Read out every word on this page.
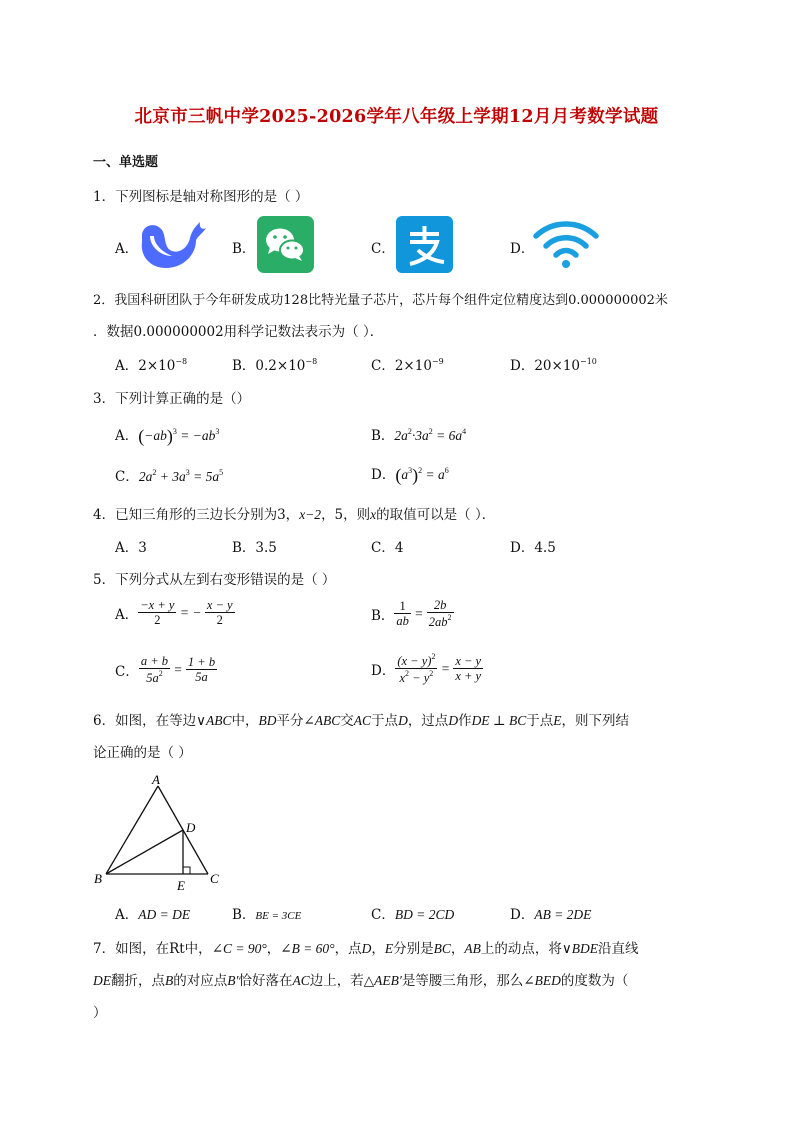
北京市三帆中学2025-2026学年八年级上学期12月月考数学试题
一、单选题
1．下列图标是轴对称图形的是（ ）
A．	B．	C．	D．
2．我国科研团队于今年研发成功128比特光量子芯片，芯片每个组件定位精度达到0.000000002米
．数据0.000000002用科学记数法表示为（ ）．
A．$2\times 10^{-8}$	B．$0.2\times 10^{-8}$	C．$2\times 10^{-9}$	D．$20\times 10^{-10}$
3．下列计算正确的是（）
A．$(-ab)^3 = -ab^3$	B．$2a^2\cdot 3a^2 = 6a^4$
C．$2a^2 + 3a^3 = 5a^5$	D．$(a^3)^2 = a^6$
4．已知三角形的三边长分别为3，x−2，5，则x的取值可以是（ ）．
A．3	B．3.5	C．4	D．4.5
5．下列分式从左到右变形错误的是（ ）
A． $\frac{-x + y}{2}$ = − $\frac{x - y}{2}$	B． $\frac{1}{ab} = \frac{2b}{2ab^2}$
C． $\frac{a + b}{5a^2} = \frac{1 + b}{5a}$	D． $\frac{(x - y)^2}{x^2 - y^2} = \frac{x - y}{x + y}$
6．如图，在等边∨ABC中，BD平分∠ABC交AC于点D，过点D作DE ⊥ BC于点E，则下列结
论正确的是（ ）
A
B	C
D
E
A．AD = DE	B．BE = 3CE	C．BD = 2CD	D．AB = 2DE
7．如图，在Rt中，∠C = 90°，∠B = 60°，点D，E分别是BC，AB上的动点，将∨BDE沿直线
DE翻折，点B的对应点B′恰好落在AC边上，若△AEB′是等腰三角形，那么∠BED的度数为（
）
